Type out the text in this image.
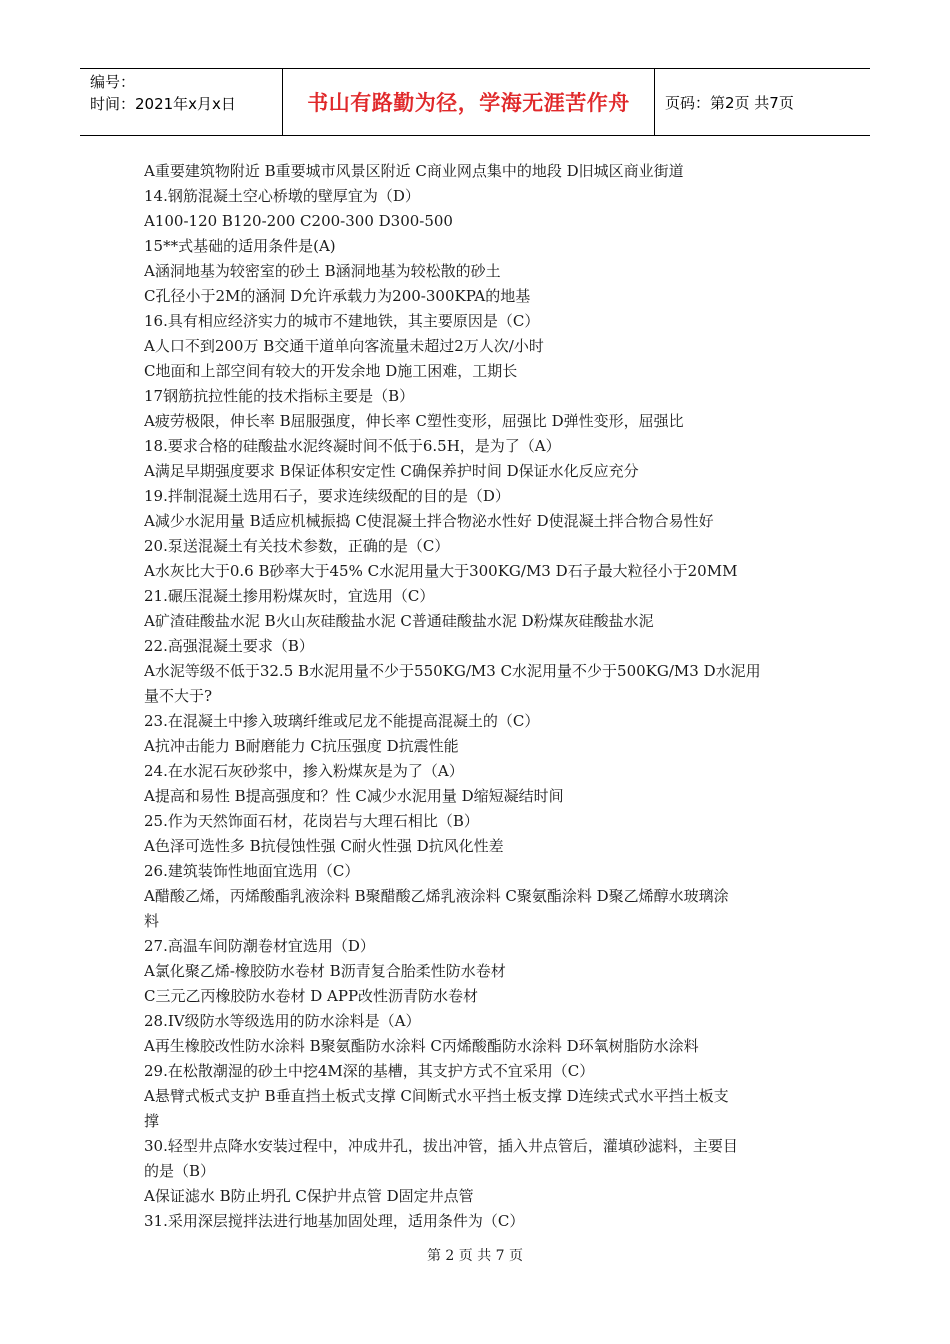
编号：
时间：2021年x月x日	书山有路勤为径，学海无涯苦作舟	页码：第2页 共7页
A重要建筑物附近 B重要城市风景区附近 C商业网点集中的地段 D旧城区商业街道
14.钢筋混凝土空心桥墩的壁厚宜为（D）
A100-120 B120-200 C200-300 D300-500
15**式基础的适用条件是(A)
A涵洞地基为较密室的砂土 B涵洞地基为较松散的砂土
C孔径小于2M的涵洞 D允许承载力为200-300KPA的地基
16.具有相应经济实力的城市不建地铁，其主要原因是（C）
A人口不到200万 B交通干道单向客流量未超过2万人次/小时
C地面和上部空间有较大的开发余地 D施工困难，工期长
17钢筋抗拉性能的技术指标主要是（B）
A疲劳极限，伸长率 B屈服强度，伸长率 C塑性变形，屈强比 D弹性变形，屈强比
18.要求合格的硅酸盐水泥终凝时间不低于6.5H，是为了（A）
A满足早期强度要求 B保证体积安定性 C确保养护时间 D保证水化反应充分
19.拌制混凝土选用石子，要求连续级配的目的是（D）
A减少水泥用量 B适应机械振捣 C使混凝土拌合物泌水性好 D使混凝土拌合物合易性好
20.泵送混凝土有关技术参数，正确的是（C）
A水灰比大于0.6 B砂率大于45% C水泥用量大于300KG/M3 D石子最大粒径小于20MM
21.碾压混凝土掺用粉煤灰时，宜选用（C）
A矿渣硅酸盐水泥 B火山灰硅酸盐水泥 C普通硅酸盐水泥 D粉煤灰硅酸盐水泥
22.高强混凝土要求（B）
A水泥等级不低于32.5 B水泥用量不少于550KG/M3 C水泥用量不少于500KG/M3 D水泥用
量不大于?
23.在混凝土中掺入玻璃纤维或尼龙不能提高混凝土的（C）
A抗冲击能力 B耐磨能力 C抗压强度 D抗震性能
24.在水泥石灰砂浆中，掺入粉煤灰是为了（A）
A提高和易性 B提高强度和？性 C减少水泥用量 D缩短凝结时间
25.作为天然饰面石材，花岗岩与大理石相比（B）
A色泽可选性多 B抗侵蚀性强 C耐火性强 D抗风化性差
26.建筑装饰性地面宜选用（C）
A醋酸乙烯，丙烯酸酯乳液涂料 B聚醋酸乙烯乳液涂料 C聚氨酯涂料 D聚乙烯醇水玻璃涂
料
27.高温车间防潮卷材宜选用（D）
A氯化聚乙烯-橡胶防水卷材 B沥青复合胎柔性防水卷材
C三元乙丙橡胶防水卷材 D APP改性沥青防水卷材
28.IV级防水等级选用的防水涂料是（A）
A再生橡胶改性防水涂料 B聚氨酯防水涂料 C丙烯酸酯防水涂料 D环氧树脂防水涂料
29.在松散潮湿的砂土中挖4M深的基槽，其支护方式不宜采用（C）
A悬臂式板式支护 B垂直挡土板式支撑 C间断式水平挡土板支撑 D连续式式水平挡土板支
撑
30.轻型井点降水安装过程中，冲成井孔，拔出冲管，插入井点管后，灌填砂滤料，主要目
的是（B）
A保证滤水 B防止坍孔 C保护井点管 D固定井点管
31.采用深层搅拌法进行地基加固处理，适用条件为（C）
第 2 页 共 7 页
